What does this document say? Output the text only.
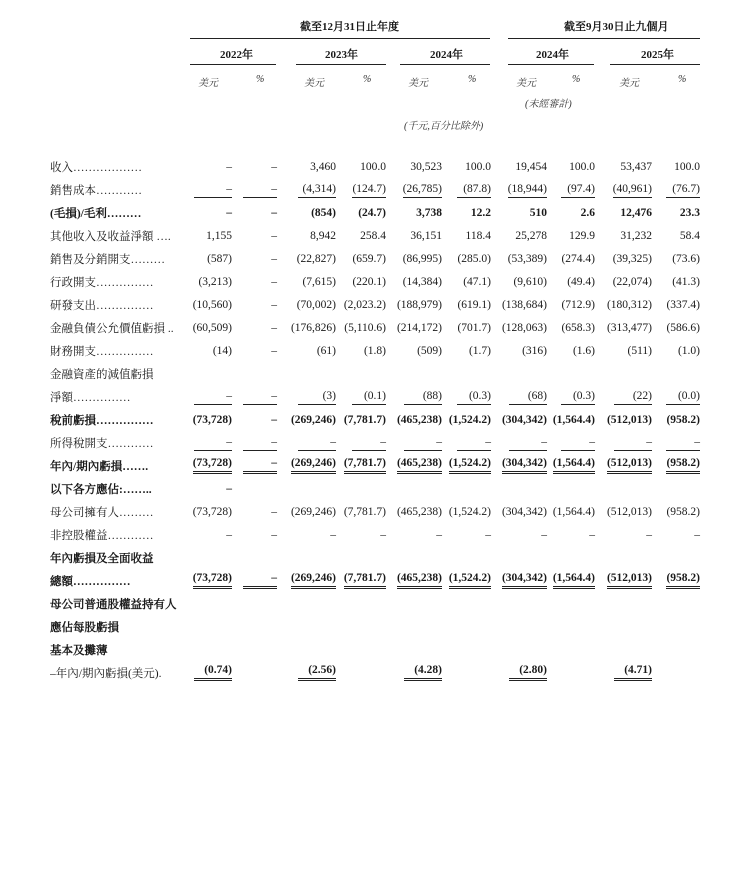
截至12月31日止年度	截至9月30日止九個月
2022年	2023年	2024年	2024年	2025年
美元	%	美元	%	美元	%	美元	%	美元	%
(未經審計)
(千元,百分比除外)
收入………………	–	–	3,460	100.0	30,523	100.0	19,454	100.0	53,437	100.0
銷售成本…………	–	–	(4,314)	(124.7)	(26,785)	(87.8)	(18,944)	(97.4)	(40,961)	(76.7)
(毛損)/毛利………	–	–	(854)	(24.7)	3,738	12.2	510	2.6	12,476	23.3
其他收入及收益淨額 ….	1,155	–	8,942	258.4	36,151	118.4	25,278	129.9	31,232	58.4
銷售及分銷開支………	(587)	–	(22,827)	(659.7)	(86,995)	(285.0)	(53,389)	(274.4)	(39,325)	(73.6)
行政開支……………	(3,213)	–	(7,615)	(220.1)	(14,384)	(47.1)	(9,610)	(49.4)	(22,074)	(41.3)
研發支出……………	(10,560)	–	(70,002)	(2,023.2)	(188,979)	(619.1)	(138,684)	(712.9)	(180,312)	(337.4)
金融負債公允價值虧損 ..	(60,509)	–	(176,826)	(5,110.6)	(214,172)	(701.7)	(128,063)	(658.3)	(313,477)	(586.6)
財務開支……………	(14)	–	(61)	(1.8)	(509)	(1.7)	(316)	(1.6)	(511)	(1.0)
金融資產的減值虧損										
淨額……………	–	–	(3)	(0.1)	(88)	(0.3)	(68)	(0.3)	(22)	(0.0)
稅前虧損……………	(73,728)	–	(269,246)	(7,781.7)	(465,238)	(1,524.2)	(304,342)	(1,564.4)	(512,013)	(958.2)
所得稅開支…………	–	–	–	–	–	–	–	–	–	–
年內/期內虧損…….	(73,728)	–	(269,246)	(7,781.7)	(465,238)	(1,524.2)	(304,342)	(1,564.4)	(512,013)	(958.2)
以下各方應佔:……..	–									
母公司擁有人………	(73,728)	–	(269,246)	(7,781.7)	(465,238)	(1,524.2)	(304,342)	(1,564.4)	(512,013)	(958.2)
非控股權益…………	–	–	–	–	–	–	–	–	–	–
年內虧損及全面收益										
總額……………	(73,728)	–	(269,246)	(7,781.7)	(465,238)	(1,524.2)	(304,342)	(1,564.4)	(512,013)	(958.2)
母公司普通股權益持有人										
應佔每股虧損										
基本及攤薄										
–年內/期內虧損(美元).	(0.74)		(2.56)		(4.28)		(2.80)		(4.71)	
